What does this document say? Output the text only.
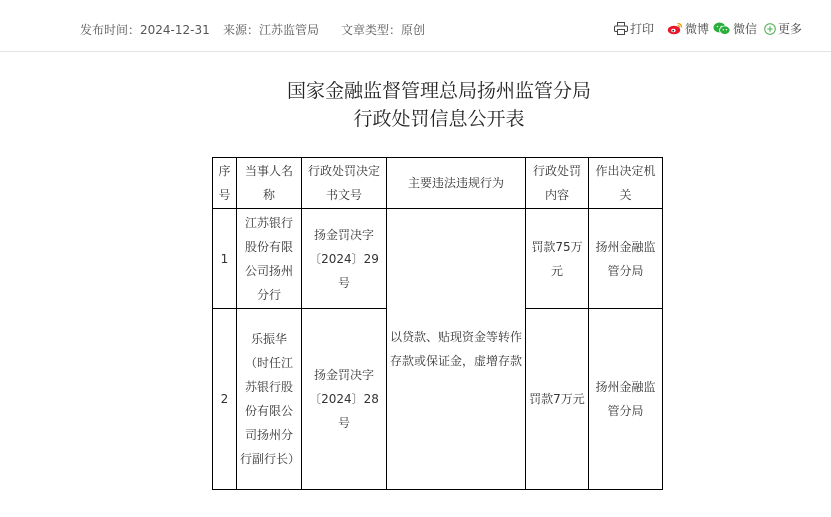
发布时间：2024-12-31 来源：江苏监管局 文章类型：原创	打印	微博 微信 更多
国家金融监督管理总局扬州监管分局
行政处罚信息公开表
序号	当事人名称	行政处罚决定书文号	主要违法违规行为	行政处罚内容	作出决定机关
1	江苏银行股份有限公司扬州分行	扬金罚决字〔2024〕29号	以贷款、贴现资金等转作存款或保证金，虚增存款	罚款75万元	扬州金融监管分局
2	乐振华（时任江苏银行股份有限公司扬州分行副行长）	扬金罚决字〔2024〕28号		罚款7万元	扬州金融监管分局
